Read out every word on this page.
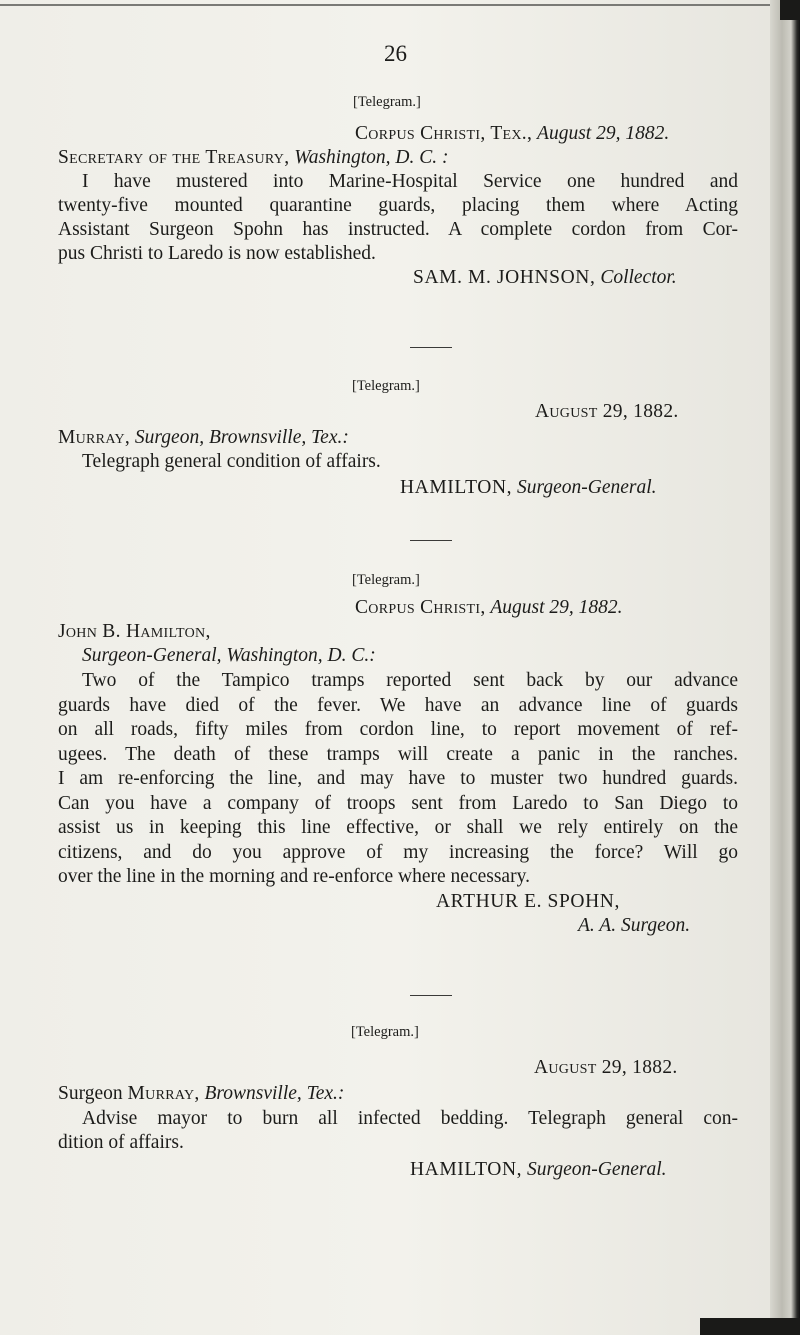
26
[Telegram.]
Corpus Christi, Tex., August 29, 1882.
Secretary of the Treasury, Washington, D. C. :
I have mustered into Marine-Hospital Service one hundred and
twenty-five mounted quarantine guards, placing them where Acting
Assistant Surgeon Spohn has instructed. A complete cordon from Cor-
pus Christi to Laredo is now established.
SAM. M. JOHNSON, Collector.
[Telegram.]
August 29, 1882.
Murray, Surgeon, Brownsville, Tex.:
Telegraph general condition of affairs.
HAMILTON, Surgeon-General.
[Telegram.]
Corpus Christi, August 29, 1882.
John B. Hamilton,
Surgeon-General, Washington, D. C.:
Two of the Tampico tramps reported sent back by our advance
guards have died of the fever. We have an advance line of guards
on all roads, fifty miles from cordon line, to report movement of ref-
ugees. The death of these tramps will create a panic in the ranches.
I am re-enforcing the line, and may have to muster two hundred guards.
Can you have a company of troops sent from Laredo to San Diego to
assist us in keeping this line effective, or shall we rely entirely on the
citizens, and do you approve of my increasing the force? Will go
over the line in the morning and re-enforce where necessary.
ARTHUR E. SPOHN,
A. A. Surgeon.
[Telegram.]
August 29, 1882.
Surgeon Murray, Brownsville, Tex.:
Advise mayor to burn all infected bedding. Telegraph general con-
dition of affairs.
HAMILTON, Surgeon-General.
